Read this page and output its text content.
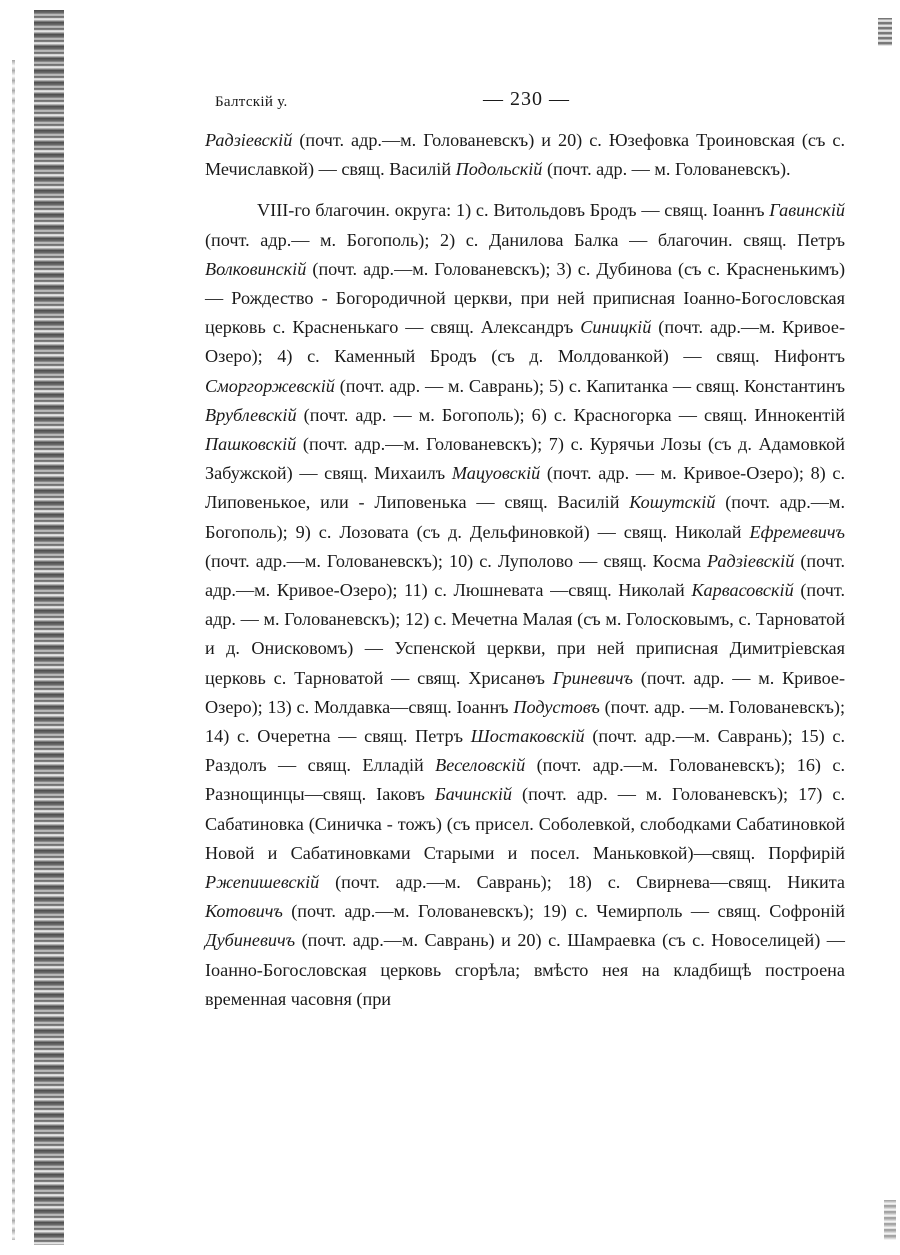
Балтскій у.	— 230 —

Радзіевскій (почт. адр.—м. Голованевскъ) и 20) с. Юзефовка Троиновская (съ с. Мечиславкой) — свящ. Василій Подольскій (почт. адр. — м. Голованевскъ).

VIII-го благочин. округа: 1) с. Витольдовъ Бродъ — свящ. Іоаннъ Гавинскій (почт. адр.— м. Богополь); 2) с. Данилова Балка — благочин. свящ. Петръ Волковинскій (почт. адр.—м. Голованевскъ); 3) с. Дубинова (съ с. Красненькимъ) — Рождество - Богородичной церкви, при ней приписная Іоанно-Богословская церковь с. Красненькаго — свящ. Александръ Синицкій (почт. адр.—м. Кривое-Озеро); 4) с. Каменный Бродъ (съ д. Молдованкой) — свящ. Нифонтъ Сморгоржевскій (почт. адр. — м. Саврань); 5) с. Капитанка — свящ. Константинъ Врублевскій (почт. адр. — м. Богополь); 6) с. Красногорка — свящ. Иннокентій Пашковскій (почт. адр.—м. Голованевскъ); 7) с. Курячьи Лозы (съ д. Адамовкой Забужской) — свящ. Михаилъ Мацуовскій (почт. адр. — м. Кривое-Озеро); 8) с. Липовенькое, или - Липовенька — свящ. Василій Кошутскій (почт. адр.—м. Богополь); 9) с. Лозовата (съ д. Дельфиновкой) — свящ. Николай Ефремевичъ (почт. адр.—м. Голованевскъ); 10) с. Луполово — свящ. Косма Радзіевскій (почт. адр.—м. Кривое-Озеро); 11) с. Люшневата —свящ. Николай Карвасовскій (почт. адр. — м. Голованевскъ); 12) с. Мечетна Малая (съ м. Голосковымъ, с. Тарноватой и д. Онисковомъ) — Успенской церкви, при ней приписная Димитріевская церковь с. Тарноватой — свящ. Хрисанѳъ Гриневичъ (почт. адр. — м. Кривое-Озеро); 13) с. Молдавка—свящ. Іоаннъ Подустовъ (почт. адр. —м. Голованевскъ); 14) с. Очеретна — свящ. Петръ Шостаковскій (почт. адр.—м. Саврань); 15) с. Раздолъ — свящ. Елладій Веселовскій (почт. адр.—м. Голованевскъ); 16) с. Разнощинцы—свящ. Іаковъ Бачинскій (почт. адр. — м. Голованевскъ); 17) с. Сабатиновка (Синичка - тожъ) (съ присел. Соболевкой, слободками Сабатиновкой Новой и Сабатиновками Старыми и посел. Маньковкой)—свящ. Порфирій Ржепишевскій (почт. адр.—м. Саврань); 18) с. Свирнева—свящ. Никита Котовичъ (почт. адр.—м. Голованевскъ); 19) с. Чемирполь — свящ. Софроній Дубиневичъ (почт. адр.—м. Саврань) и 20) с. Шамраевка (съ с. Новоселицей) — Іоанно-Богословская церковь сгорѣла; вмѣсто нея на кладбищѣ построена временная часовня (при
